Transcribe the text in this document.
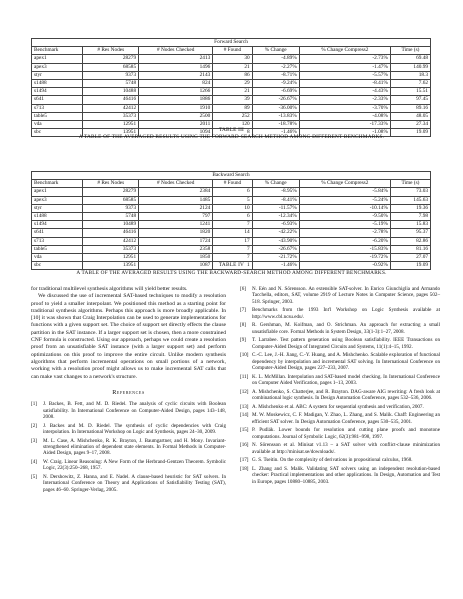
Forward Search						
Benchmark	# Res Nodes	# Nodes Checked	# Found	% Change	% Change Compress2	Time (s)
apex1	28279	2413	30	-4.89%	-2.73%	69.48
apex3	68585	1496	21	-2.27%	-1.47%	140.99
styr	9373	2143	86	-8.71%	-5.57%	18.3
s1488	5748	824	29	-9.24%	-8.41%	7.62
s1494	10488	1266	21	-6.69%	-4.43%	15.51
s641	46416	1886	39	-26.67%	-2.33%	97.45
s713	42412	1910	89	-36.00%	-3.70%	89.16
table5	35373	2500	252	-13.83%	-4.08%	48.05
vda	12951	2011	120	-18.78%	-17.33%	27.34
sbc	13951	1094	8	-1.46%	-1.08%	19.09
TABLE III
A TABLE OF THE AVERAGED RESULTS USING THE FORWARD-SEARCH METHOD AMONG DIFFERENT BENCHMARKS.
Backward Search						
Benchmark	# Res Nodes	# Nodes Checked	# Found	% Change	% Change Compress2	Time (s)
apex1	28279	2384	6	-8.95%	-5.84%	73.03
apex3	68585	1485	5	-8.41%	-5.24%	145.63
styr	9373	2124	10	-11.57%	-10.14%	19.36
s1488	5748	797	6	-12.34%	-9.50%	7.98
s1494	10489	1241	7	-6.93%	-5.19%	15.83
s641	46416	1820	14	-42.22%	-2.78%	95.37
s713	42412	1724	17	-43.90%	-6.20%	82.86
table5	35373	2358	7	-26.67%	-15.83%	81.16
vda	12951	1850	7	-21.72%	-19.72%	27.07
sbc	13951	1087	1	-1.46%	-0.92%	19.09
TABLE IV
A TABLE OF THE AVERAGED RESULTS USING THE BACKWARD-SEARCH METHOD AMONG DIFFERENT BENCHMARKS.

for traditional multilevel synthesis algorithms will yield better results.

We discussed the use of incremental SAT-based techniques to modify a resolution proof to yield a smaller interpolant. We positioned this method as a starting point for traditional synthesis algorithms. Perhaps this approach is more broadly applicable. In [10] it was shown that Craig Interpolation can be used to generate implementations for functions with a given support set. The choice of support set directly effects the clause partition in the SAT instance. If a larger support set is chosen, then a more constrained CNF formula is constructed. Using our approach, perhaps we could create a resolution proof from an unsatisfiable SAT instance (with a larger support set) and perform optimizations on this proof to improve the entire circuit. Unlike modern synthesis algorithms that perform incremental operations on small portions of a network, working with a resolution proof might allows us to make incremental SAT calls that can make vast changes to a network's structure.

References
[1]	J. Backes, B. Fett, and M. D. Riedel. The analysis of cyclic circuits with Boolean satisfiability. In International Conference on Computer-Aided Design, pages 143–148, 2008.
[2]	J. Backes and M. D. Riedel. The synthesis of cyclic dependencies with Craig interpolation. In International Workshop on Logic and Synthesis, pages 24–30, 2009.
[3]	M. L. Case, A. Mishchenko, R. K. Brayton, J. Baumgartner, and H. Mony. Invariant-strengthened elimination of dependent state elements. In Formal Methods in Computer-Aided Design, pages 9–17, 2008.
[4]	W. Craig. Linear Reasoning: A New Form of the Herbrand-Gentzen Theorem. Symbolic Logic, 22(3):250–268, 1957.
[5]	N. Dershowitz, Z. Hanna, and E. Nadel. A clause-based heuristic for SAT solvers. In International Conference on Theory and Applications of Satisfiability Testing (SAT), pages 46–60. Springer-Verlag, 2005.
[6]	N. Eén and N. Sörensson. An extensible SAT-solver. In Enrico Giunchiglia and Armando Tacchella, editors, SAT, volume 2919 of Lecture Notes in Computer Science, pages 502–518. Springer, 2003.
[7]	Benchmarks from the 1993 Int'l Workshop on Logic Synthesis available at http://www.cbl.ncsu.edu/.
[8]	R. Gershman, M. Koifman, and O. Strichman. An approach for extracting a small unsatisfiable core. Formal Methods in System Design, 33(1-3):1–27, 2008.
[9]	T. Larrabee. Test pattern generation using Boolean satisfiability. IEEE Transactions on Computer-Aided Design of Integrated Circuits and Systems, 11(1):4–15, 1992.
[10] C.-C. Lee, J.-H. Jiang, C.-Y. Huang, and A. Mishchenko. Scalable exploration of functional dependency by interpolation and incremental SAT solving. In International Conference on Computer-Aided Design, pages 227–233, 2007.
[11] K. L. McMillan. Interpolation and SAT-based model checking. In International Conference on Computer Aided Verification, pages 1–13, 2003.
[12] A. Mishchenko, S. Chatterjee, and R. Brayton. DAG-aware AIG rewriting: A fresh look at combinational logic synthesis. In Design Automation Conference, pages 532–536, 2006.
[13] A. Mishchenko et al. ABC: A system for sequential synthesis and verification, 2007.
[14] M. W. Moskewicz, C. F. Madigan, Y. Zhao, L. Zhang, and S. Malik. Chaff: Engineering an efficient SAT solver. In Design Automation Conference, pages 530–535, 2001.
[15] P. Pudlák. Lower bounds for resolution and cutting plane proofs and monotone computations. Journal of Symbolic Logic, 62(3):981–998, 1997.
[16] N. Sörensson et al. Minisat v1.13 – a SAT solver with conflict-clause minimization available at http://minisat.se/downloads/.
[17] G. S. Tseitin. On the complexity of derivations in propositional calculus, 1968.
[18] L. Zhang and S. Malik. Validating SAT solvers using an independent resolution-based checker: Practical implementations and other applications. In Design, Automation and Test in Europe, pages 10880–10885, 2003.
